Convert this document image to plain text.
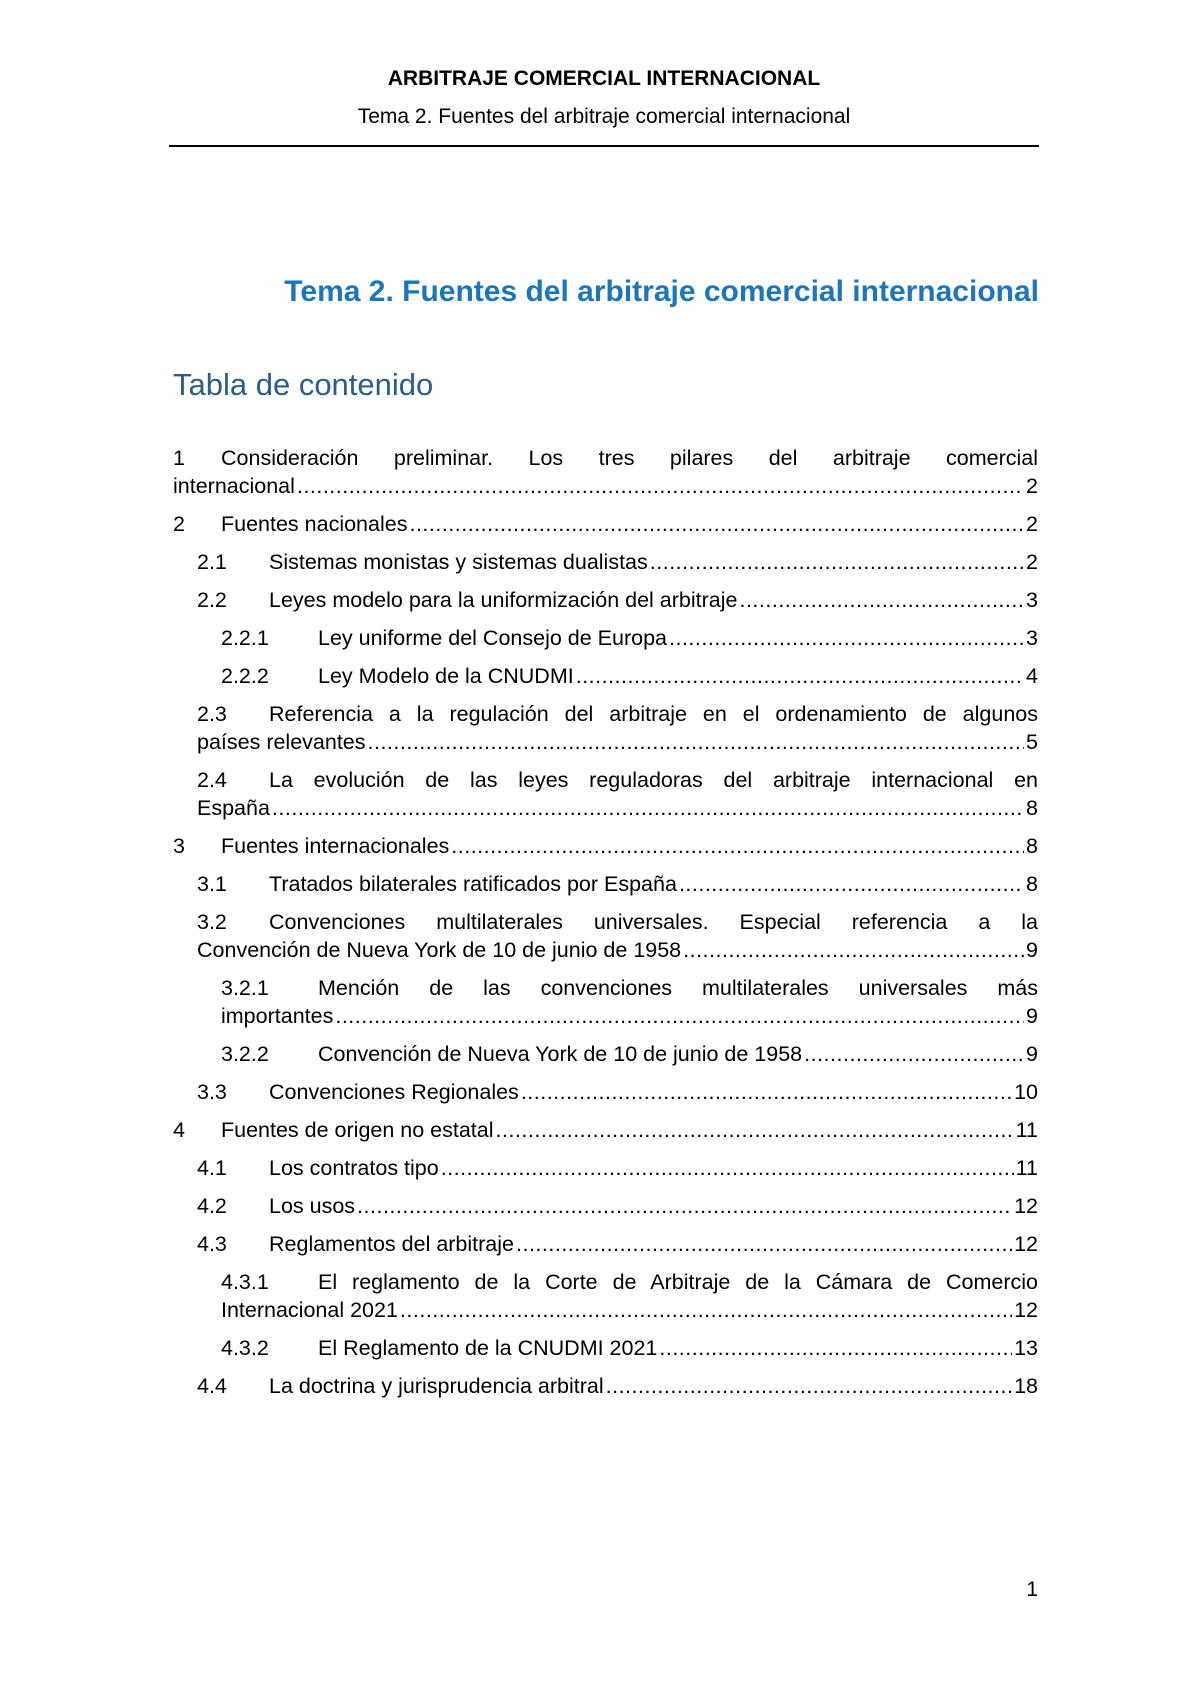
ARBITRAJE COMERCIAL INTERNACIONAL
Tema 2. Fuentes del arbitraje comercial internacional
Tema 2. Fuentes del arbitraje comercial internacional
Tabla de contenido
1 Consideración preliminar. Los tres pilares del arbitraje comercial
internacional .....	2
2	Fuentes nacionales .....	2
2.1	Sistemas monistas y sistemas dualistas .....	2
2.2	Leyes modelo para la uniformización del arbitraje .....	3
2.2.1	Ley uniforme del Consejo de Europa .....	3
2.2.2	Ley Modelo de la CNUDMI .....	4
2.3 Referencia a la regulación del arbitraje en el ordenamiento de algunos
países relevantes .....	5
2.4 La evolución de las leyes reguladoras del arbitraje internacional en
España .....	8
3	Fuentes internacionales .....	8
3.1	Tratados bilaterales ratificados por España .....	8
3.2 Convenciones multilaterales universales. Especial referencia a la
Convención de Nueva York de 10 de junio de 1958 .....	9
3.2.1 Mención de las convenciones multilaterales universales más
importantes .....	9
3.2.2	Convención de Nueva York de 10 de junio de 1958 .....	9
3.3	Convenciones Regionales .....	10
4	Fuentes de origen no estatal .....	11
4.1	Los contratos tipo .....	11
4.2	Los usos .....	12
4.3	Reglamentos del arbitraje .....	12
4.3.1 El reglamento de la Corte de Arbitraje de la Cámara de Comercio
Internacional 2021 .....	12
4.3.2	El Reglamento de la CNUDMI 2021 .....	13
4.4	La doctrina y jurisprudencia arbitral .....	18
1
